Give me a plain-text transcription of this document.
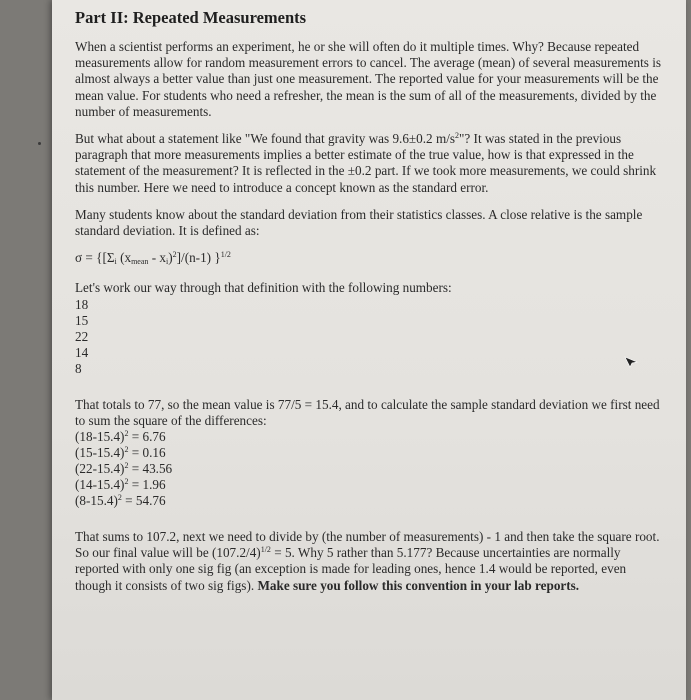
Part II: Repeated Measurements

When a scientist performs an experiment, he or she will often do it multiple times. Why? Because repeated measurements allow for random measurement errors to cancel. The average (mean) of several measurements is almost always a better value than just one measurement. The reported value for your measurements will be the mean value. For students who need a refresher, the mean is the sum of all of the measurements, divided by the number of measurements.

But what about a statement like "We found that gravity was 9.6±0.2 $m/s^2$"? It was stated in the previous paragraph that more measurements implies a better estimate of the true value, how is that expressed in the statement of the measurement? It is reflected in the ±0.2 part. If we took more measurements, we could shrink this number. Here we need to introduce a concept known as the standard error.

Many students know about the standard deviation from their statistics classes. A close relative is the sample standard deviation. It is defined as:

$\sigma = \{[\Sigma_i$ $(x_{mean} - x_i)^2]/(n-1)$ }$^{1/2}$

Let's work our way through that definition with the following numbers:

18
15
22
14
8

That totals to 77, so the mean value is 77/5 = 15.4, and to calculate the sample standard deviation we first need to sum the square of the differences:

$(18-15.4)^2 = 6.76$
$(15-15.4)^2 = 0.16$
$(22-15.4)^2 = 43.56$
$(14-15.4)^2 = 1.96$
$(8-15.4)^2 = 54.76$

That sums to 107.2, next we need to divide by (the number of measurements) - 1 and then take the square root. So our final value will be $(107.2/4)^{1/2} = 5$. Why 5 rather than 5.177? Because uncertainties are normally reported with only one sig fig (an exception is made for leading ones, hence 1.4 would be reported, even though it consists of two sig figs). Make sure you follow this convention in your lab reports.
